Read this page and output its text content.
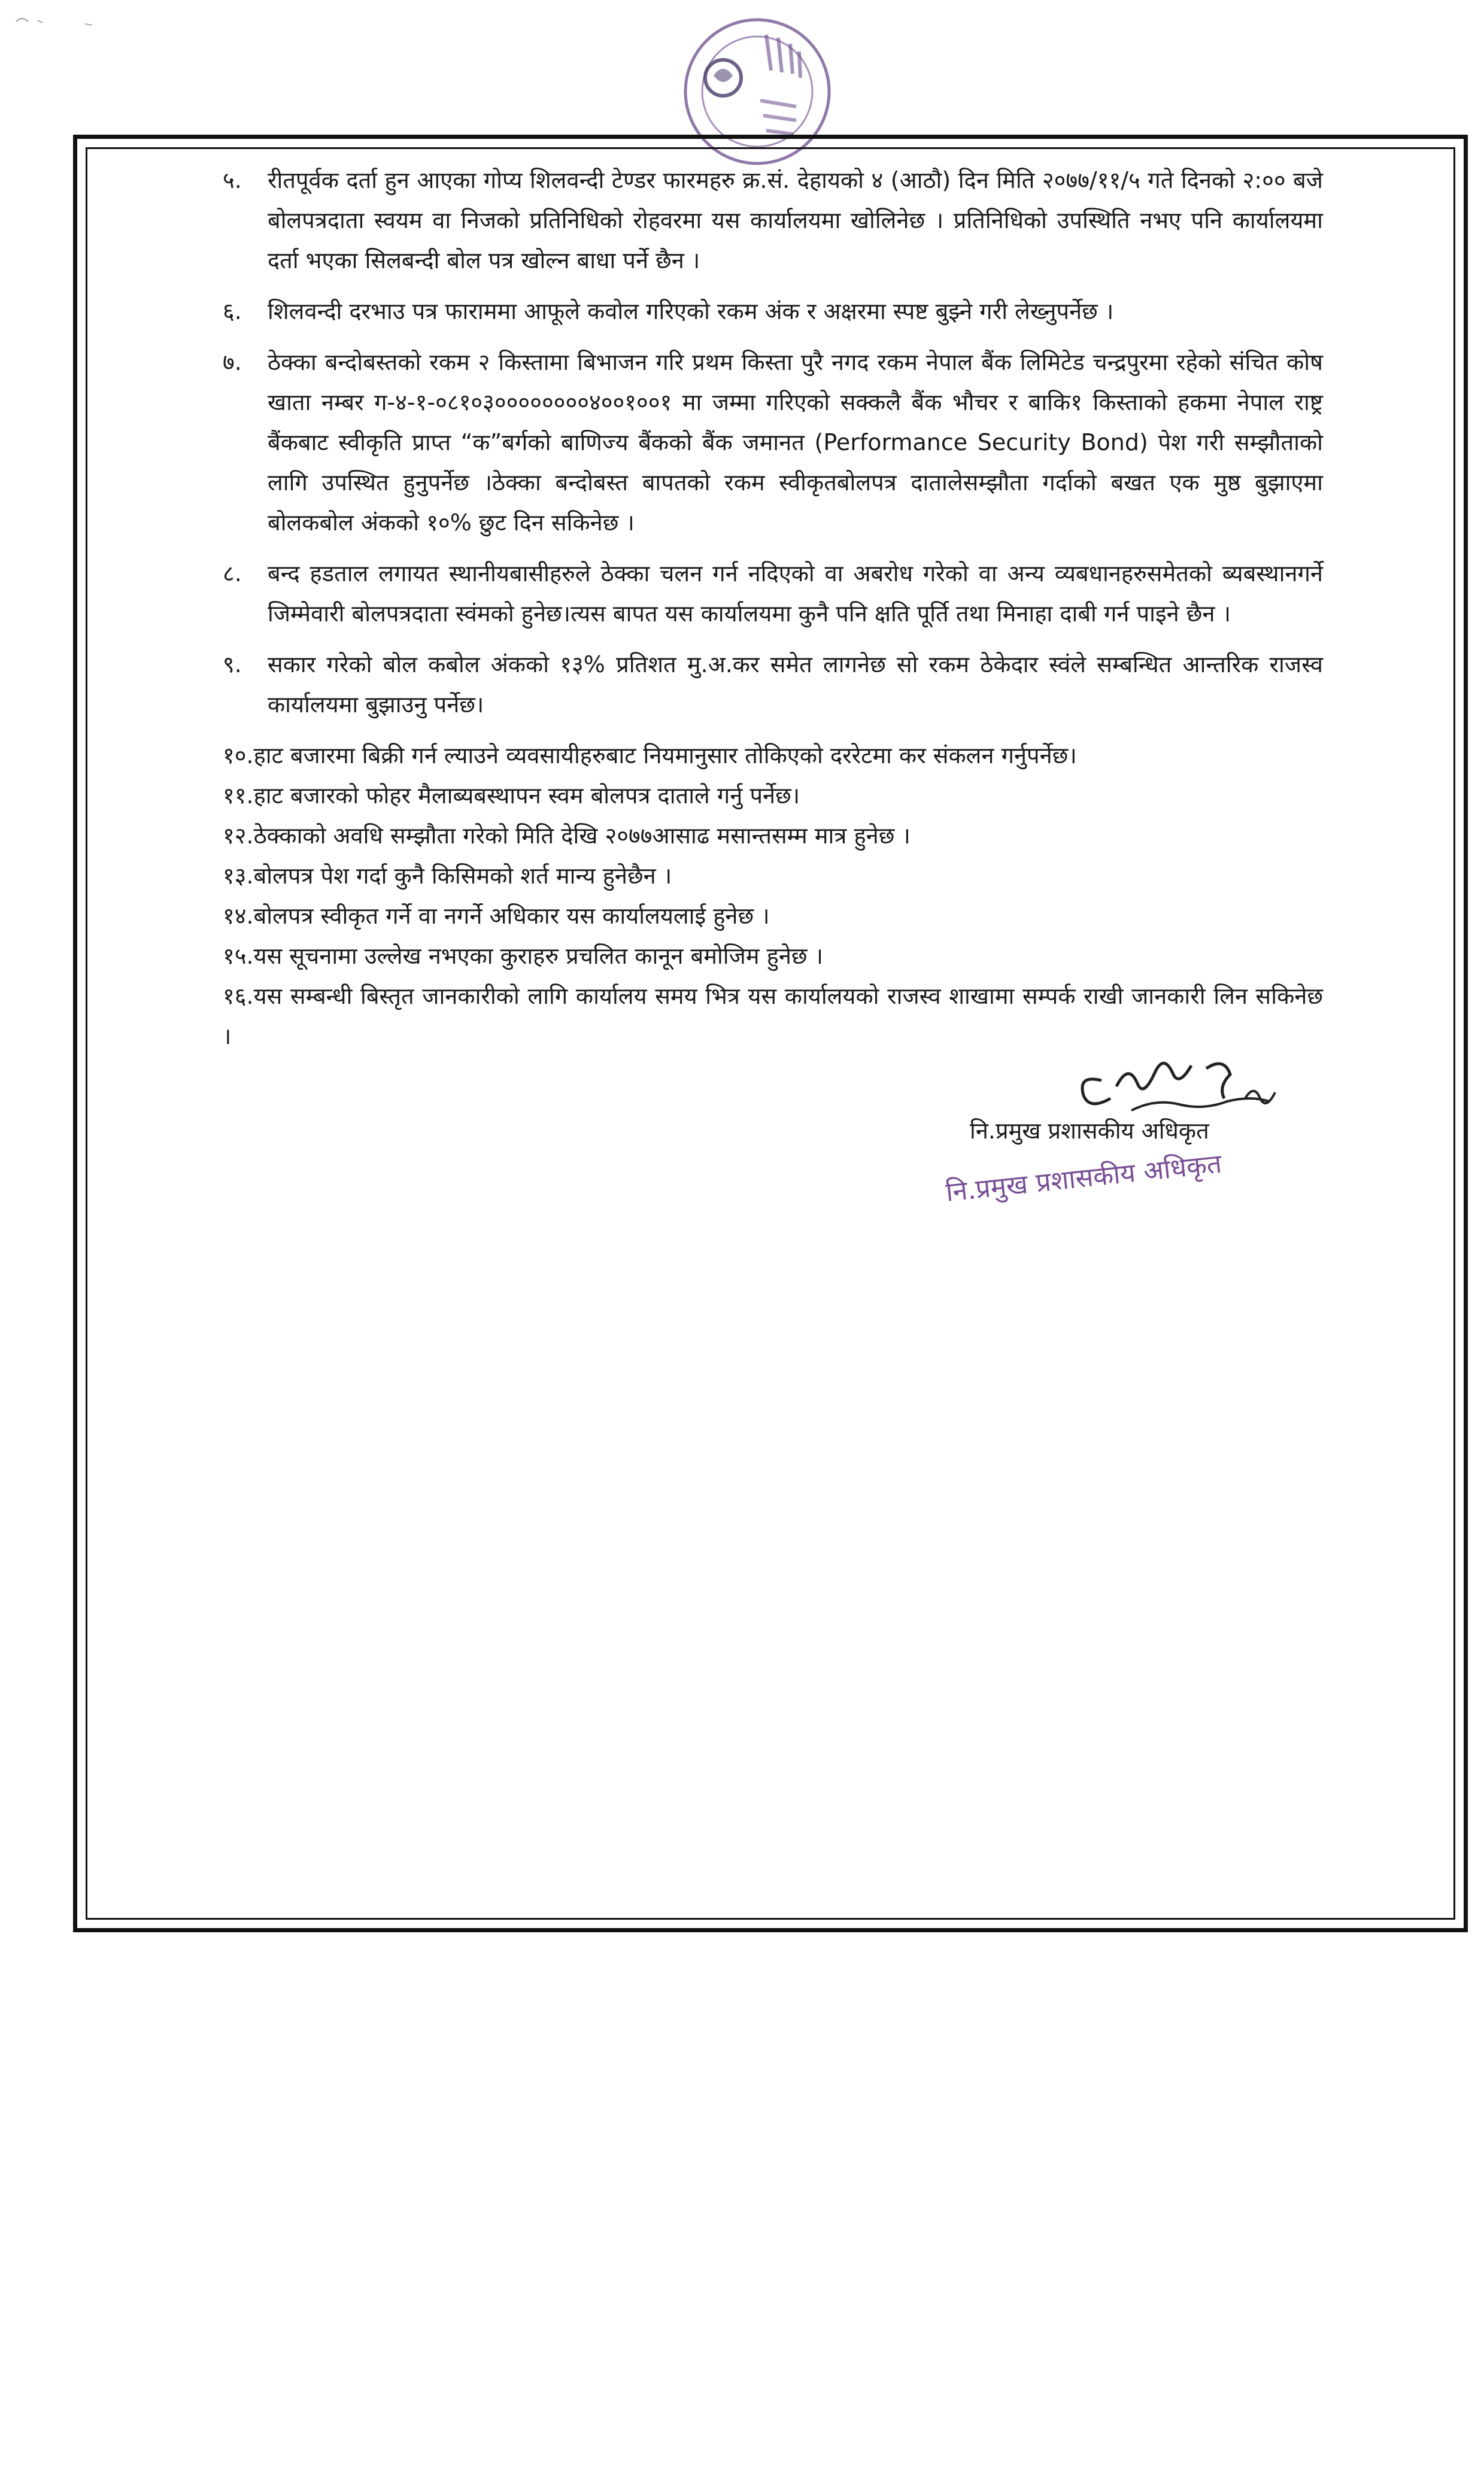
५.	रीतपूर्वक दर्ता हुन आएका गोप्य शिलवन्दी टेण्डर फारमहरु क्र.सं. देहायको ४ (आठौ) दिन मिति २०७७/११/५ गते दिनको २:०० बजे बोलपत्रदाता स्वयम वा निजको प्रतिनिधिको रोहवरमा यस कार्यालयमा खोलिनेछ । प्रतिनिधिको उपस्थिति नभए पनि कार्यालयमा दर्ता भएका सिलबन्दी बोल पत्र खोल्न बाधा पर्ने छैन ।
६.	शिलवन्दी दरभाउ पत्र फाराममा आफूले कवोल गरिएको रकम अंक र अक्षरमा स्पष्ट बुझ्ने गरी लेख्नुपर्नेछ ।
७.	ठेक्का बन्दोबस्तको रकम २ किस्तामा बिभाजन गरि प्रथम किस्ता पुरै नगद रकम नेपाल बैंक लिमिटेड चन्द्रपुरमा रहेको संचित कोष खाता नम्बर ग-४-१-०८१०३००००००००४००१००१ मा जम्मा गरिएको सक्कलै बैंक भौचर र बाकि१ किस्ताको हकमा नेपाल राष्ट्र बैंकबाट स्वीकृति प्राप्त “क”बर्गको बाणिज्य बैंकको बैंक जमानत (Performance Security Bond) पेश गरी सम्झौताको लागि उपस्थित हुनुपर्नेछ ।ठेक्का बन्दोबस्त बापतको रकम स्वीकृतबोलपत्र दातालेसम्झौता गर्दाको बखत एक मुष्ठ बुझाएमा बोलकबोल अंकको १०% छुट दिन सकिनेछ ।
८.	बन्द हडताल लगायत स्थानीयबासीहरुले ठेक्का चलन गर्न नदिएको वा अबरोध गरेको वा अन्य व्यबधानहरुसमेतको ब्यबस्थानगर्ने जिम्मेवारी बोलपत्रदाता स्वंमको हुनेछ।त्यस बापत यस कार्यालयमा कुनै पनि क्षति पूर्ति तथा मिनाहा दाबी गर्न पाइने छैन ।
९.	सकार गरेको बोल कबोल अंकको १३% प्रतिशत मु.अ.कर समेत लागनेछ सो रकम ठेकेदार स्वंले सम्बन्धित आन्तरिक राजस्व कार्यालयमा बुझाउनु पर्नेछ।
१०.हाट बजारमा बिक्री गर्न ल्याउने व्यवसायीहरुबाट नियमानुसार तोकिएको दररेटमा कर संकलन गर्नुपर्नेछ।
११.हाट बजारको फोहर मैलाब्यबस्थापन स्वम बोलपत्र दाताले गर्नु पर्नेछ।
१२.ठेक्काको अवधि सम्झौता गरेको मिति देखि २०७७आसाढ मसान्तसम्म मात्र हुनेछ ।
१३.बोलपत्र पेश गर्दा कुनै किसिमको शर्त मान्य हुनेछैन ।
१४.बोलपत्र स्वीकृत गर्ने वा नगर्ने अधिकार यस कार्यालयलाई हुनेछ ।
१५.यस सूचनामा उल्लेख नभएका कुराहरु प्रचलित कानून बमोजिम हुनेछ ।
१६.यस सम्बन्धी बिस्तृत जानकारीको लागि कार्यालय समय भित्र यस कार्यालयको राजस्व शाखामा सम्पर्क राखी जानकारी लिन सकिनेछ ।
नि.प्रमुख प्रशासकीय अधिकृत
नि.प्रमुख प्रशासकीय अधिकृत
